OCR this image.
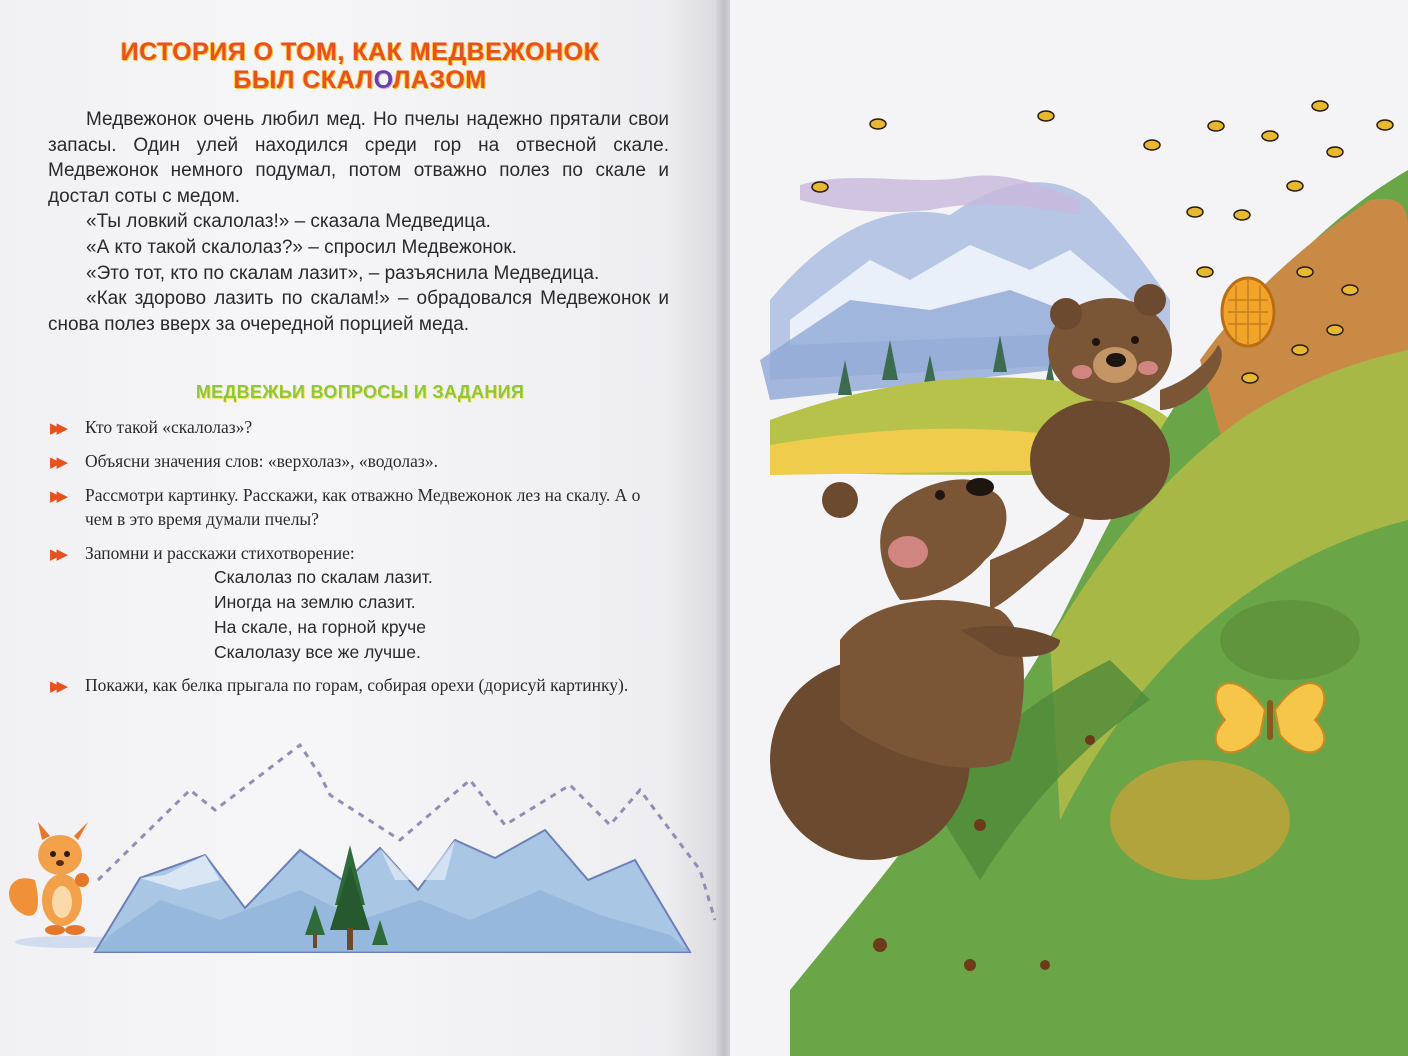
ИСТОРИЯ О ТОМ, КАК МЕДВЕЖОНОК
БЫЛ СКАЛОЛАЗОМ

Медвежонок очень любил мед. Но пчелы надежно прятали свои запасы. Один улей находился среди гор на отвесной скале. Медвежонок немного подумал, потом отважно полез по скале и достал соты с медом.

«Ты ловкий скалолаз!» – сказала Медведица.

«А кто такой скалолаз?» – спросил Медвежонок.

«Это тот, кто по скалам лазит», – разъяснила Медведица.

«Как здорово лазить по скалам!» – обрадовался Медвежонок и снова полез вверх за очередной порцией меда.

МЕДВЕЖЬИ ВОПРОСЫ И ЗАДАНИЯ
▶▶ Кто такой «скалолаз»?
▶▶ Объясни значения слов: «верхолаз», «водолаз».
▶▶ Рассмотри картинку. Расскажи, как отважно Медвежонок лез на скалу. А о чем в это время думали пчелы?
▶▶ Запомни и расскажи стихотворение:
Скалолаз по скалам лазит.
Иногда на землю слазит.
На скале, на горной круче
Скалолазу все же лучше.
▶▶ Покажи, как белка прыгала по горам, собирая орехи (дорисуй картинку).
